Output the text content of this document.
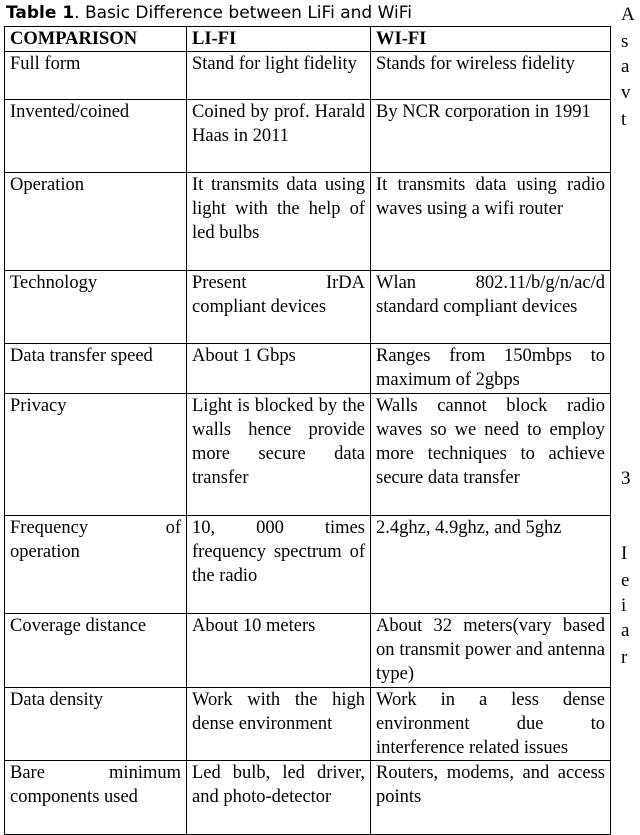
Table 1. Basic Difference between LiFi and WiFi
COMPARISON	LI-FI	WI-FI
Full form	Stand for light fidelity	Stands for wireless fidelity
Invented/coined	Coined by prof. Harald Haas in 2011	By NCR corporation in 1991
Operation	It transmits data using light with the help of led bulbs	It transmits data using radio waves using a wifi router
Technology	Present IrDA compliant devices	Wlan 802.11/b/g/n/ac/d standard compliant devices
Data transfer speed	About 1 Gbps	Ranges from 150mbps to maximum of 2gbps
Privacy	Light is blocked by the walls hence provide more secure data transfer	Walls cannot block radio waves so we need to employ more techniques to achieve secure data transfer
Frequency of operation	10, 000 times frequency spectrum of the radio	2.4ghz, 4.9ghz, and 5ghz
Coverage distance	About 10 meters	About 32 meters(vary based on transmit power and antenna type)
Data density	Work with the high dense environment	Work in a less dense environment due to interference related issues
Bare minimum components used	Led bulb, led driver, and photo-detector	Routers, modems, and access points
A
s
a
v
t
3
I
e
i
a
r
